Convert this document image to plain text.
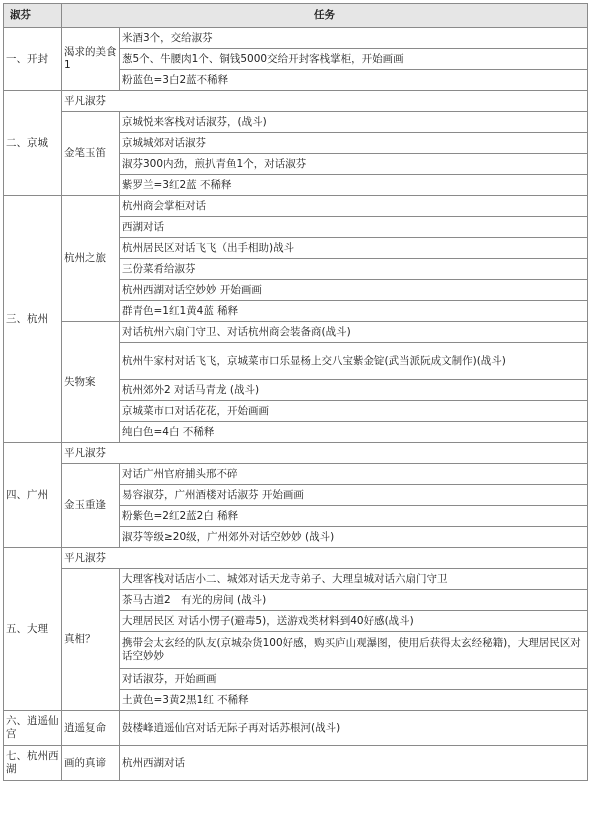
淑芬	任务	
一、开封	渴求的美食1	米酒3个，交给淑芬
		葱5个、牛腰肉1个、铜钱5000交给开封客栈掌柜，开始画画
		粉蓝色=3白2蓝不稀释
二、京城	平凡淑芬	
	金笔玉笛	京城悦来客栈对话淑芬，(战斗)
		京城城郊对话淑芬
		淑芬300内劲，煎扒青鱼1个，对话淑芬
		紫罗兰=3红2蓝 不稀释
三、杭州	杭州之旅	杭州商会掌柜对话
		西湖对话
		杭州居民区对话飞飞（出手相助)战斗
		三份菜肴给淑芬
		杭州西湖对话空妙妙 开始画画
		群青色=1红1黄4蓝 稀释
	失物案	对话杭州六扇门守卫、对话杭州商会装备商(战斗)
		杭州牛家村对话飞飞，京城菜市口乐显杨上交八宝紫金锭(武当派阮成文制作)(战斗)
		杭州郊外2 对话马青龙 (战斗)
		京城菜市口对话花花，开始画画
		纯白色=4白 不稀释
四、广州	平凡淑芬	
	金玉重逢	对话广州官府捕头邢不碎
		易容淑芬，广州酒楼对话淑芬 开始画画
		粉紫色=2红2蓝2白 稀释
		淑芬等级≥20级，广州郊外对话空妙妙 (战斗)
五、大理	平凡淑芬	
	真相？	大理客栈对话店小二、城郊对话天龙寺弟子、大理皇城对话六扇门守卫
		茶马古道2　有光的房间 (战斗)
		大理居民区 对话小愣子(避毒5)，送游戏类材料到40好感(战斗)
		携带会太玄经的队友(京城杂货100好感，购买庐山观瀑图，使用后获得太玄经秘籍)，大理居民区对话空妙妙
		对话淑芬，开始画画
		土黄色=3黄2黑1红 不稀释
六、逍遥仙宫	逍遥复命	鼓楼峰逍遥仙宫对话无际子再对话苏根河(战斗)
七、杭州西湖	画的真谛	杭州西湖对话
